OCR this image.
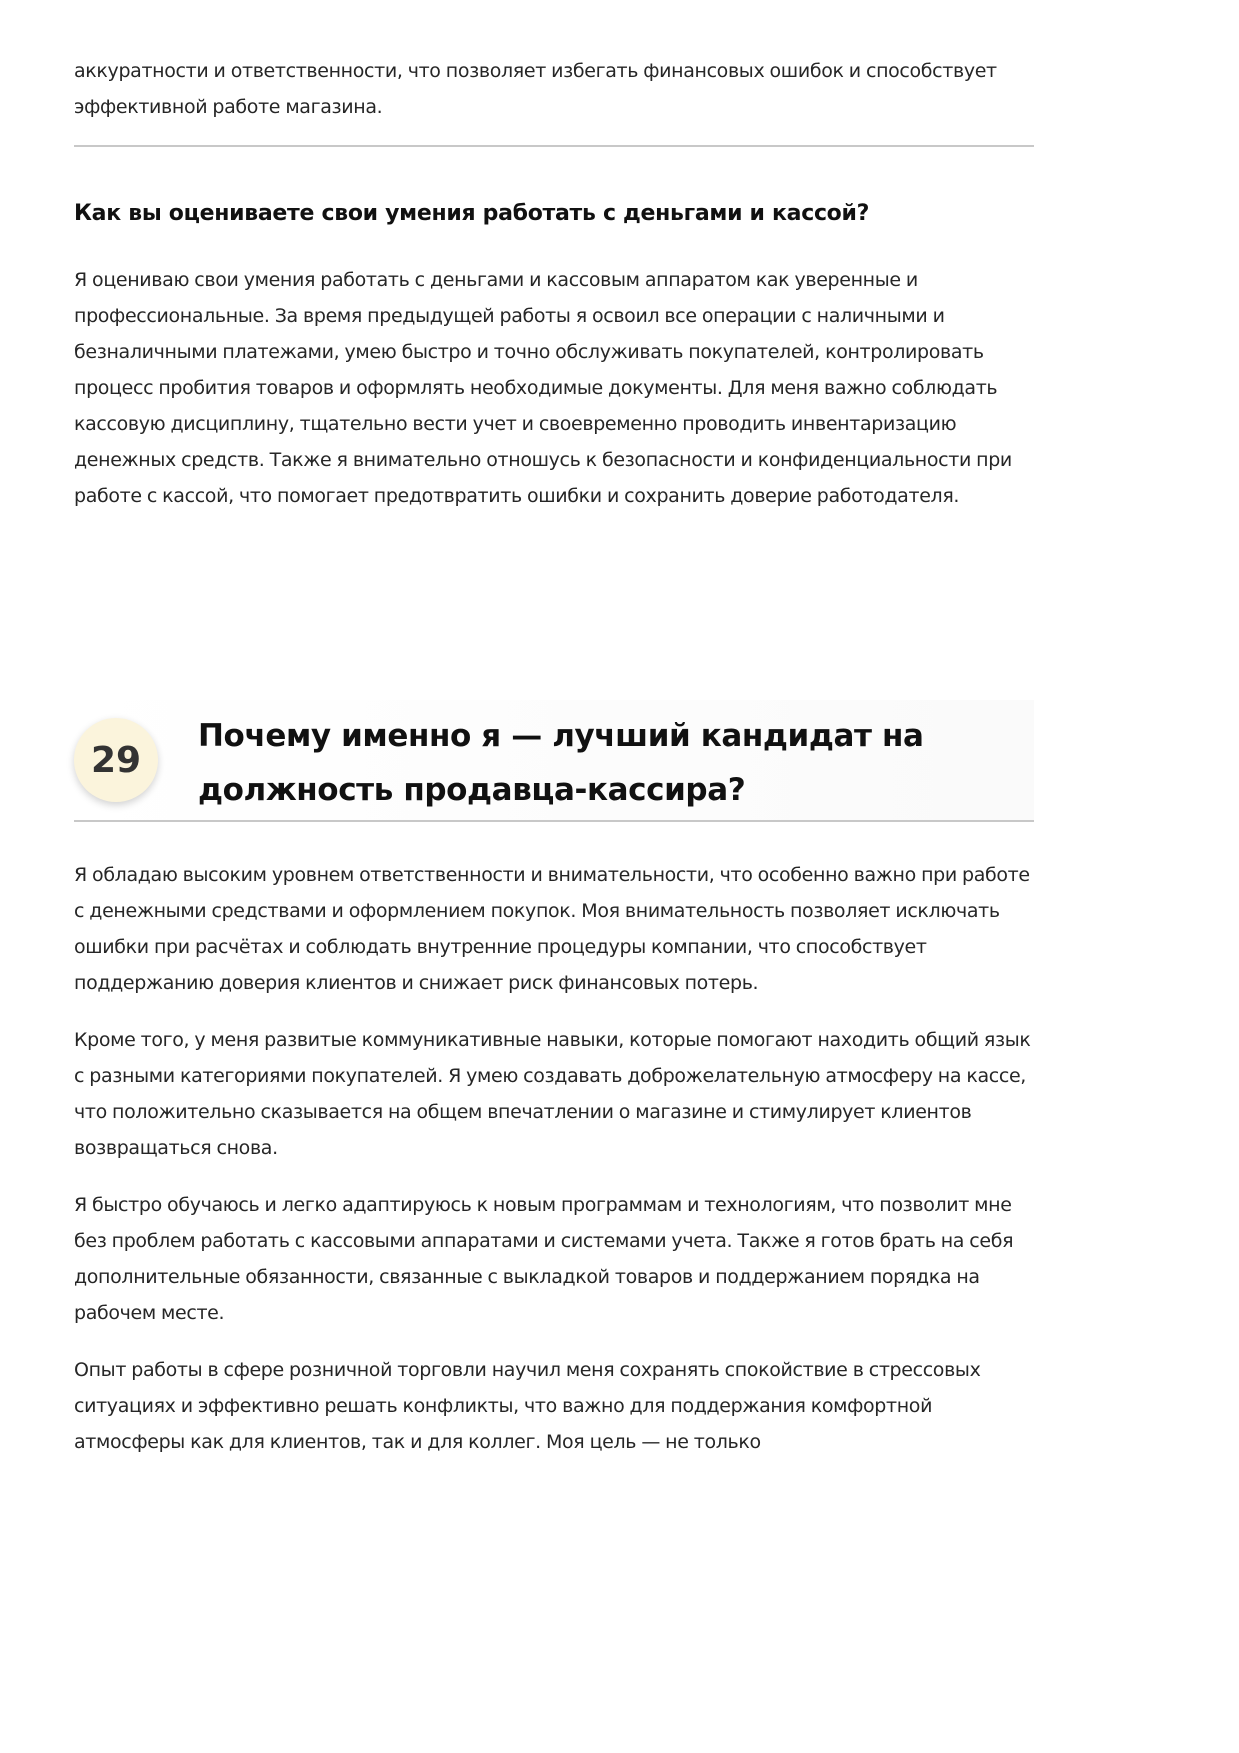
аккуратности и ответственности, что позволяет избегать финансовых ошибок и способствует эффективной работе магазина.

Как вы оцениваете свои умения работать с деньгами и кассой?

Я оцениваю свои умения работать с деньгами и кассовым аппаратом как уверенные и профессиональные. За время предыдущей работы я освоил все операции с наличными и безналичными платежами, умею быстро и точно обслуживать покупателей, контролировать процесс пробития товаров и оформлять необходимые документы. Для меня важно соблюдать кассовую дисциплину, тщательно вести учет и своевременно проводить инвентаризацию денежных средств. Также я внимательно отношусь к безопасности и конфиденциальности при работе с кассой, что помогает предотвратить ошибки и сохранить доверие работодателя.

29
Почему именно я — лучший кандидат на должность продавца-кассира?

Я обладаю высоким уровнем ответственности и внимательности, что особенно важно при работе с денежными средствами и оформлением покупок. Моя внимательность позволяет исключать ошибки при расчётах и соблюдать внутренние процедуры компании, что способствует поддержанию доверия клиентов и снижает риск финансовых потерь.

Кроме того, у меня развитые коммуникативные навыки, которые помогают находить общий язык с разными категориями покупателей. Я умею создавать доброжелательную атмосферу на кассе, что положительно сказывается на общем впечатлении о магазине и стимулирует клиентов возвращаться снова.

Я быстро обучаюсь и легко адаптируюсь к новым программам и технологиям, что позволит мне без проблем работать с кассовыми аппаратами и системами учета. Также я готов брать на себя дополнительные обязанности, связанные с выкладкой товаров и поддержанием порядка на рабочем месте.

Опыт работы в сфере розничной торговли научил меня сохранять спокойствие в стрессовых ситуациях и эффективно решать конфликты, что важно для поддержания комфортной атмосферы как для клиентов, так и для коллег. Моя цель — не только
